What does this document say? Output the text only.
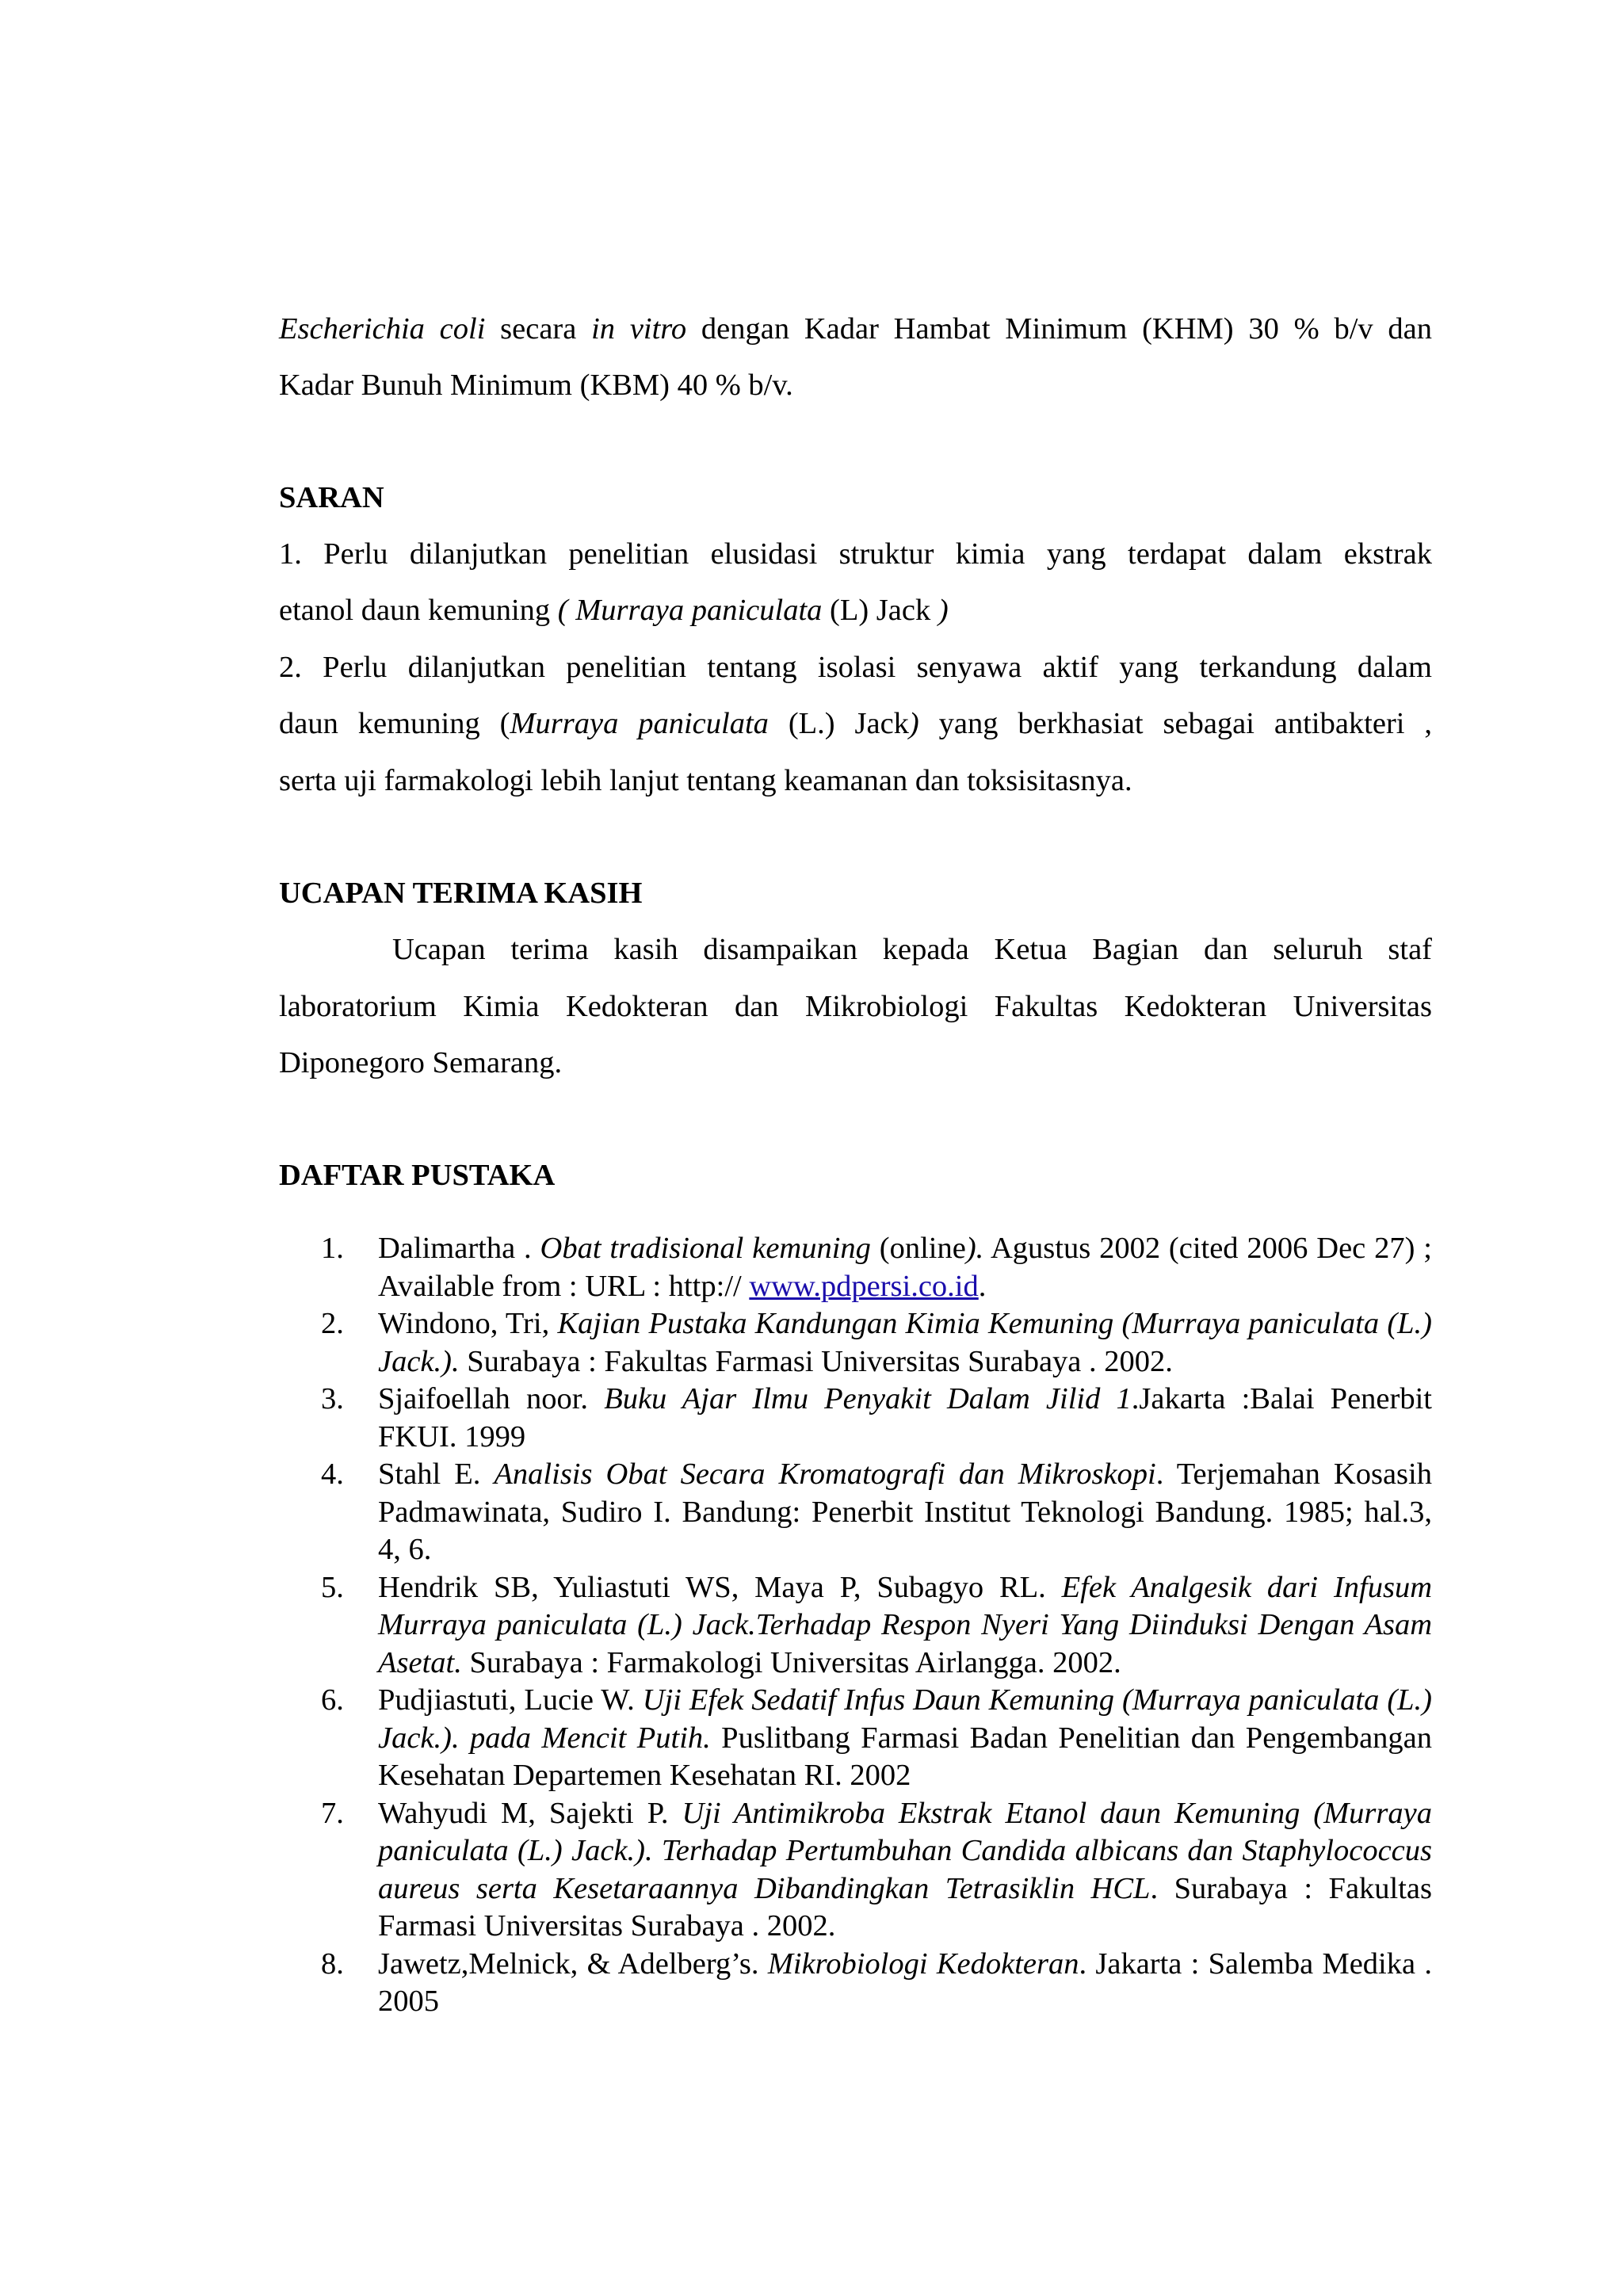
Escherichia coli secara in vitro dengan Kadar Hambat Minimum (KHM) 30 % b/v dan
Kadar Bunuh Minimum (KBM) 40 % b/v.
SARAN
1. Perlu dilanjutkan penelitian elusidasi struktur kimia yang terdapat dalam ekstrak
etanol daun kemuning ( Murraya paniculata (L) Jack )
2. Perlu dilanjutkan penelitian tentang isolasi senyawa aktif yang terkandung dalam
daun kemuning (Murraya paniculata (L.) Jack) yang berkhasiat sebagai antibakteri ,
serta uji farmakologi lebih lanjut tentang keamanan dan toksisitasnya.
UCAPAN TERIMA KASIH
Ucapan terima kasih disampaikan kepada Ketua Bagian dan seluruh staf
laboratorium Kimia Kedokteran dan Mikrobiologi Fakultas Kedokteran Universitas
Diponegoro Semarang.
DAFTAR PUSTAKA
1.	Dalimartha . Obat tradisional kemuning (online). Agustus 2002 (cited 2006 Dec 27) ; Available from : URL : http:// www.pdpersi.co.id.
2.	Windono, Tri, Kajian Pustaka Kandungan Kimia Kemuning (Murraya paniculata (L.) Jack.). Surabaya : Fakultas Farmasi Universitas Surabaya . 2002.
3.	Sjaifoellah noor. Buku Ajar Ilmu Penyakit Dalam Jilid 1.Jakarta :Balai Penerbit FKUI. 1999
4.	Stahl E. Analisis Obat Secara Kromatografi dan Mikroskopi. Terjemahan Kosasih Padmawinata, Sudiro I. Bandung: Penerbit Institut Teknologi Bandung. 1985; hal.3, 4, 6.
5.	Hendrik SB, Yuliastuti WS, Maya P, Subagyo RL. Efek Analgesik dari Infusum Murraya paniculata (L.) Jack.Terhadap Respon Nyeri Yang Diinduksi Dengan Asam Asetat. Surabaya : Farmakologi Universitas Airlangga. 2002.
6.	Pudjiastuti, Lucie W. Uji Efek Sedatif Infus Daun Kemuning (Murraya paniculata (L.) Jack.). pada Mencit Putih. Puslitbang Farmasi Badan Penelitian dan Pengembangan Kesehatan Departemen Kesehatan RI. 2002
7.	Wahyudi M, Sajekti P. Uji Antimikroba Ekstrak Etanol daun Kemuning (Murraya paniculata (L.) Jack.). Terhadap Pertumbuhan Candida albicans dan Staphylococcus aureus serta Kesetaraannya Dibandingkan Tetrasiklin HCL. Surabaya : Fakultas Farmasi Universitas Surabaya . 2002.
8.	Jawetz,Melnick, & Adelberg’s. Mikrobiologi Kedokteran. Jakarta : Salemba Medika . 2005
